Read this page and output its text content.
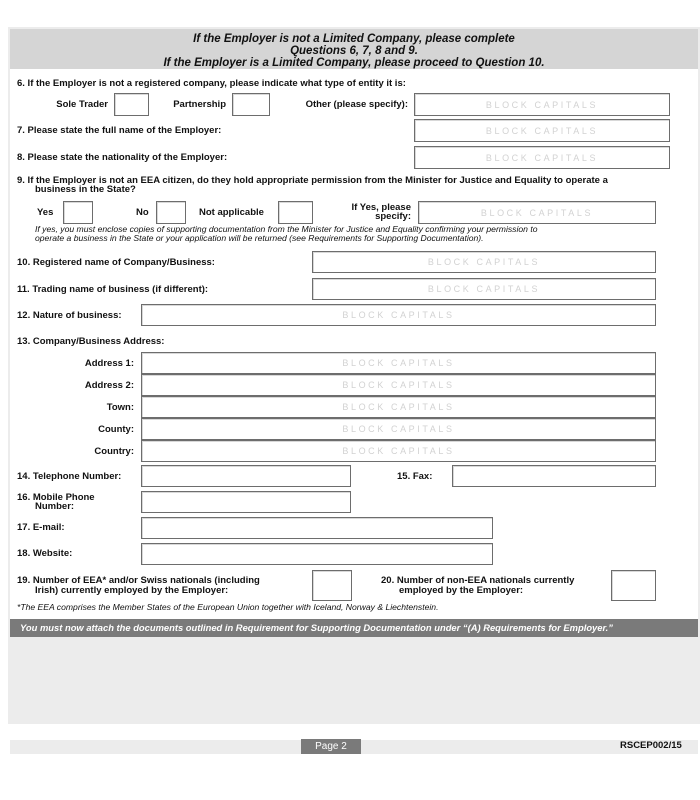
If the Employer is not a Limited Company, please complete
Questions 6, 7, 8 and 9.
If the Employer is a Limited Company, please proceed to Question 10.
6. If the Employer is not a registered company, please indicate what type of entity it is:
Sole Trader	Partnership	Other (please specify):	BLOCK CAPITALS
7. Please state the full name of the Employer:	BLOCK CAPITALS
8. Please state the nationality of the Employer:	BLOCK CAPITALS
9. If the Employer is not an EEA citizen, do they hold appropriate permission from the Minister for Justice and Equality to operate a
business in the State?
Yes	No	Not applicable	If Yes, please
specify:	BLOCK CAPITALS
If yes, you must enclose copies of supporting documentation from the Minister for Justice and Equality confirming your permission to
operate a business in the State or your application will be returned (see Requirements for Supporting Documentation).
10. Registered name of Company/Business:	BLOCK CAPITALS
11. Trading name of business (if different):	BLOCK CAPITALS
12. Nature of business:	BLOCK CAPITALS
13. Company/Business Address:
Address 1:	BLOCK CAPITALS
Address 2:	BLOCK CAPITALS
Town:	BLOCK CAPITALS
County:	BLOCK CAPITALS
Country:	BLOCK CAPITALS
14. Telephone Number:	15. Fax:
16. Mobile Phone
Number:
17. E-mail:
18. Website:
19. Number of EEA* and/or Swiss nationals (including
Irish) currently employed by the Employer:
20. Number of non-EEA nationals currently
employed by the Employer:
*The EEA comprises the Member States of the European Union together with Iceland, Norway & Liechtenstein.
You must now attach the documents outlined in Requirement for Supporting Documentation under “(A) Requirements for Employer.”
Page 2	RSCEP002/15
